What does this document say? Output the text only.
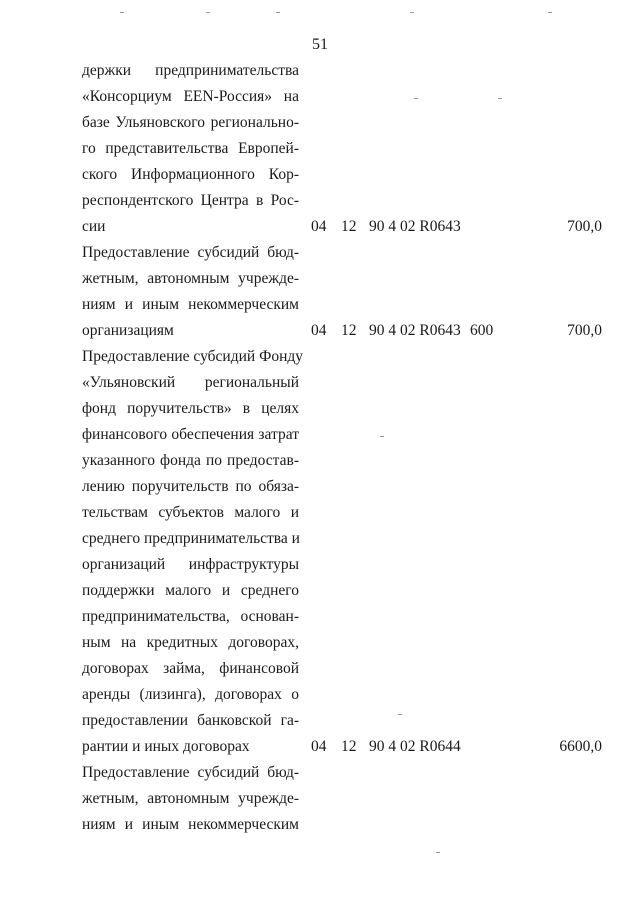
51
держки предпринимательства
«Консорциум EEN-Россия» на
базе Ульяновского регионально-
го представительства Европей-
ского Информационного Кор-
респондентского Центра в Рос-
сии	04 12 90 4 02 R0643	700,0
Предоставление субсидий бюд-
жетным, автономным учрежде-
ниям и иным некоммерческим
организациям	04 12 90 4 02 R0643 600	700,0
Предоставление субсидий Фонду
«Ульяновский региональный
фонд поручительств» в целях
финансового обеспечения затрат
указанного фонда по предостав-
лению поручительств по обяза-
тельствам субъектов малого и
среднего предпринимательства и
организаций инфраструктуры
поддержки малого и среднего
предпринимательства, основан-
ным на кредитных договорах,
договорах займа, финансовой
аренды (лизинга), договорах о
предоставлении банковской га-
рантии и иных договорах	04 12 90 4 02 R0644	6600,0
Предоставление субсидий бюд-
жетным, автономным учрежде-
ниям и иным некоммерческим
